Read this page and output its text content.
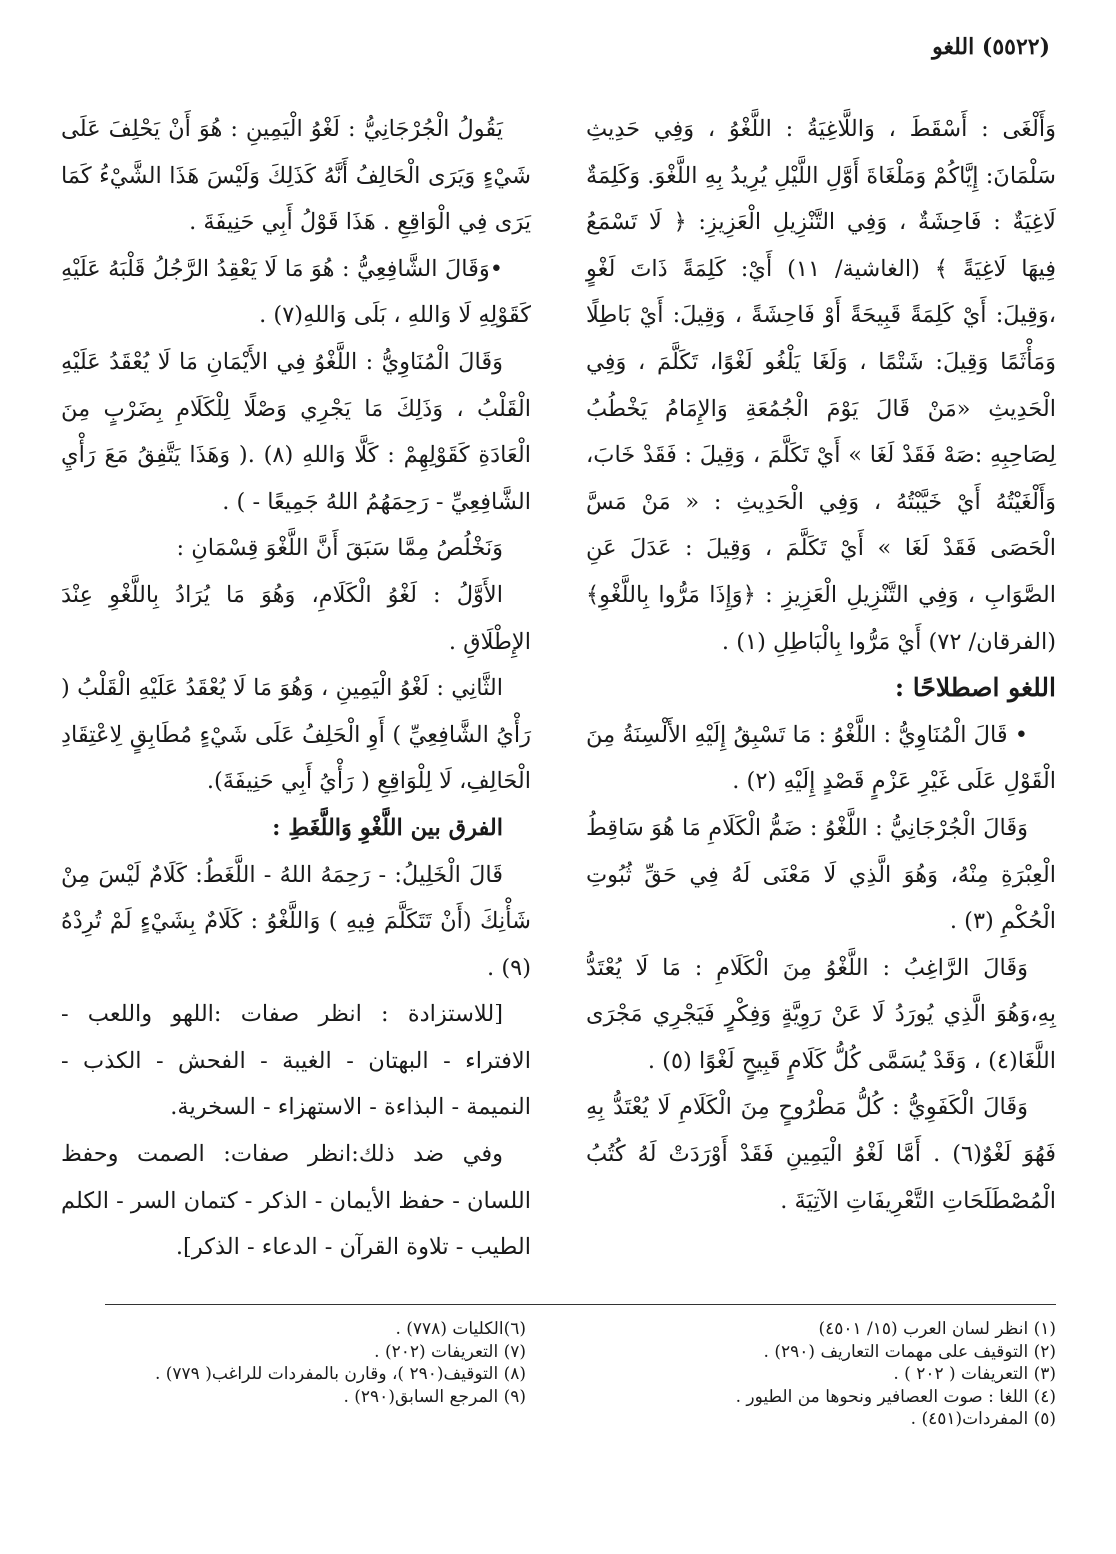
(٥٥٢٢) اللغو

وَأَلْغَى : أَسْقَطَ ، وَاللَّاغِيَةُ : اللَّغْوُ ، وَفِي حَدِيثِ سَلْمَانَ: إِيَّاكُمْ وَمَلْغَاةَ أَوَّلِ اللَّيْلِ يُرِيدُ بِهِ اللَّغْوَ. وَكَلِمَةٌ لَاغِيَةٌ : فَاحِشَةٌ ، وَفِي التَّنْزِيلِ الْعَزِيزِ: ﴿ لَا تَسْمَعُ فِيهَا لَاغِيَةً ﴾ (الغاشية/ ١١) أَيْ: كَلِمَةً ذَاتَ لَغْوٍ ،وَقِيلَ: أَيْ كَلِمَةً قَبِيحَةً أَوْ فَاحِشَةً ، وَقِيلَ: أَيْ بَاطِلًا وَمَأْثَمًا وَقِيلَ: شَتْمًا ، وَلَغَا يَلْغُو لَغْوًا، تَكَلَّمَ ، وَفِي الْحَدِيثِ «مَنْ قَالَ يَوْمَ الْجُمُعَةِ وَالإِمَامُ يَخْطُبُ لِصَاحِبِهِ :صَهْ فَقَدْ لَغَا » أَيْ تَكَلَّمَ ، وَقِيلَ : فَقَدْ خَابَ، وَأَلْغَيْتُهُ أَيْ خَيَّبْتُهُ ، وَفِي الْحَدِيثِ : « مَنْ مَسَّ الْحَصَى فَقَدْ لَغَا » أَيْ تَكَلَّمَ ، وَقِيلَ : عَدَلَ عَنِ الصَّوَابِ ، وَفِي التَّنْزِيلِ الْعَزِيزِ : ﴿وَإِذَا مَرُّوا بِاللَّغْوِ﴾ (الفرقان/ ٧٢) أَيْ مَرُّوا بِالْبَاطِلِ (١) .

اللغو اصطلاحًا :

• قَالَ الْمُنَاوِيُّ : اللَّغْوُ : مَا تَسْبِقُ إِلَيْهِ الأَلْسِنَةُ مِنَ الْقَوْلِ عَلَى غَيْرِ عَزْمٍ قَصْدٍ إِلَيْهِ (٢) .

وَقَالَ الْجُرْجَانِيُّ : اللَّغْوُ : ضَمُّ الْكَلَامِ مَا هُوَ سَاقِطُ الْعِبْرَةِ مِنْهُ، وَهُوَ الَّذِي لَا مَعْنَى لَهُ فِي حَقِّ ثُبُوتِ الْحُكْمِ (٣) .

وَقَالَ الرَّاغِبُ : اللَّغْوُ مِنَ الْكَلَامِ : مَا لَا يُعْتَدُّ بِهِ،وَهُوَ الَّذِي يُورَدُ لَا عَنْ رَوِيَّةٍ وَفِكْرٍ فَيَجْرِي مَجْرَى اللَّغَا(٤) ، وَقَدْ يُسَمَّى كُلُّ كَلَامٍ قَبِيحٍ لَغْوًا (٥) .

وَقَالَ الْكَفَوِيُّ : كُلُّ مَطْرُوحٍ مِنَ الْكَلَامِ لَا يُعْتَدُّ بِهِ فَهُوَ لَغْوٌ(٦) . أَمَّا لَغْوُ الْيَمِينِ فَقَدْ أَوْرَدَتْ لَهُ كُتُبُ الْمُصْطَلَحَاتِ التَّعْرِيفَاتِ الآتِيَةَ .

يَقُولُ الْجُرْجَانِيُّ : لَغْوُ الْيَمِينِ : هُوَ أَنْ يَحْلِفَ عَلَى شَيْءٍ وَيَرَى الْحَالِفُ أَنَّهُ كَذَلِكَ وَلَيْسَ هَذَا الشَّيْءُ كَمَا يَرَى فِي الْوَاقِعِ . هَذَا قَوْلُ أَبِي حَنِيفَةَ .

•وَقَالَ الشَّافِعِيُّ : هُوَ مَا لَا يَعْقِدُ الرَّجُلُ قَلْبَهُ عَلَيْهِ كَقَوْلِهِ لَا وَاللهِ ، بَلَى وَاللهِ(٧) .

وَقَالَ الْمُنَاوِيُّ : اللَّغْوُ فِي الأَيْمَانِ مَا لَا يُعْقَدُ عَلَيْهِ الْقَلْبُ ، وَذَلِكَ مَا يَجْرِي وَصْلًا لِلْكَلَامِ بِضَرْبٍ مِنَ الْعَادَةِ كَقَوْلِهِمْ : كَلَّا وَاللهِ (٨) .( وَهَذَا يَتَّفِقُ مَعَ رَأْيِ الشَّافِعِيِّ - رَحِمَهُمُ اللهُ جَمِيعًا - ) .

وَنَخْلُصُ مِمَّا سَبَقَ أَنَّ اللَّغْوَ قِسْمَانِ :

الأَوَّلُ : لَغْوُ الْكَلَامِ، وَهُوَ مَا يُرَادُ بِاللَّغْوِ عِنْدَ الإِطْلَاقِ .

الثَّانِي : لَغْوُ الْيَمِينِ ، وَهُوَ مَا لَا يُعْقَدُ عَلَيْهِ الْقَلْبُ ( رَأْيُ الشَّافِعِيِّ ) أَوِ الْحَلِفُ عَلَى شَيْءٍ مُطَابِقٍ لِاعْتِقَادِ الْحَالِفِ، لَا لِلْوَاقِعِ ( رَأْيُ أَبِي حَنِيفَةَ).

الفرق بين اللَّغْوِ وَاللَّغَطِ :

قَالَ الْخَلِيلُ: - رَحِمَهُ اللهُ - اللَّغَطُ: كَلَامٌ لَيْسَ مِنْ شَأْنِكَ (أَنْ تَتَكَلَّمَ فِيهِ ) وَاللَّغْوُ : كَلَامٌ بِشَيْءٍ لَمْ تُرِدْهُ (٩) .

[للاستزادة : انظر صفات :اللهو واللعب - الافتراء - البهتان - الغيبة - الفحش - الكذب - النميمة - البذاءة - الاستهزاء - السخرية.

وفي ضد ذلك:انظر صفات: الصمت وحفظ اللسان - حفظ الأيمان - الذكر - كتمان السر - الكلم الطيب - تلاوة القرآن - الدعاء - الذكر].

(١) انظر لسان العرب (١٥/ ٤٥٠١)
(٢) التوقيف على مهمات التعاريف (٢٩٠) .
(٣) التعريفات ( ٢٠٢ ) .
(٤) اللغا : صوت العصافير ونحوها من الطيور .
(٥) المفردات(٤٥١) .
(٦)الكليات (٧٧٨) .
(٧) التعريفات (٢٠٢) .
(٨) التوقيف(٢٩٠ )، وقارن بالمفردات للراغب( ٧٧٩) .
(٩) المرجع السابق(٢٩٠) .
